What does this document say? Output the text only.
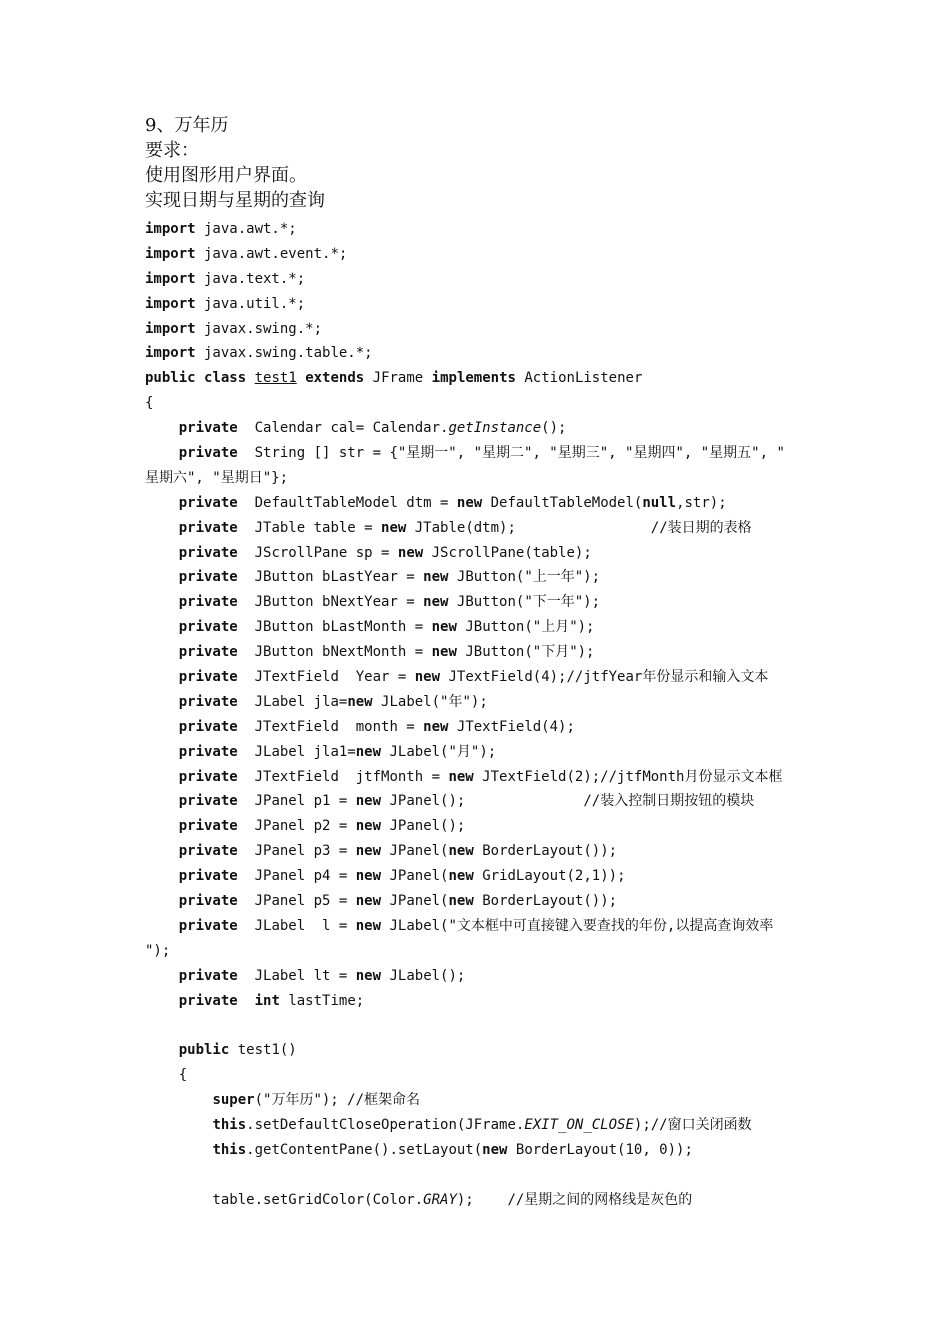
9、万年历
要求：
使用图形用户界面。
实现日期与星期的查询
import java.awt.*;
import java.awt.event.*;
import java.text.*;
import java.util.*;
import javax.swing.*;
import javax.swing.table.*;
public class test1 extends JFrame implements ActionListener
{
private  Calendar cal= Calendar.getInstance();
private  String [] str = {"星期一", "星期二", "星期三", "星期四", "星期五", "
星期六", "星期日"};
private  DefaultTableModel dtm = new DefaultTableModel(null,str);
private  JTable table = new JTable(dtm);                //装日期的表格
private  JScrollPane sp = new JScrollPane(table);
private  JButton bLastYear = new JButton("上一年");
private  JButton bNextYear = new JButton("下一年");
private  JButton bLastMonth = new JButton("上月");
private  JButton bNextMonth = new JButton("下月");
private  JTextField  Year = new JTextField(4);//jtfYear年份显示和输入文本
private  JLabel jla=new JLabel("年");
private  JTextField  month = new JTextField(4);
private  JLabel jla1=new JLabel("月");
private  JTextField  jtfMonth = new JTextField(2);//jtfMonth月份显示文本框
private  JPanel p1 = new JPanel();              //装入控制日期按钮的模块
private  JPanel p2 = new JPanel();
private  JPanel p3 = new JPanel(new BorderLayout());
private  JPanel p4 = new JPanel(new GridLayout(2,1));
private  JPanel p5 = new JPanel(new BorderLayout());
private  JLabel  l = new JLabel("文本框中可直接键入要查找的年份,以提高查询效率
");
private  JLabel lt = new JLabel();
private int lastTime;
public test1()
{
super("万年历"); //框架命名
this.setDefaultCloseOperation(JFrame.EXIT_ON_CLOSE);//窗口关闭函数
this.getContentPane().setLayout(new BorderLayout(10, 0));
table.setGridColor(Color.GRAY);    //星期之间的网格线是灰色的
